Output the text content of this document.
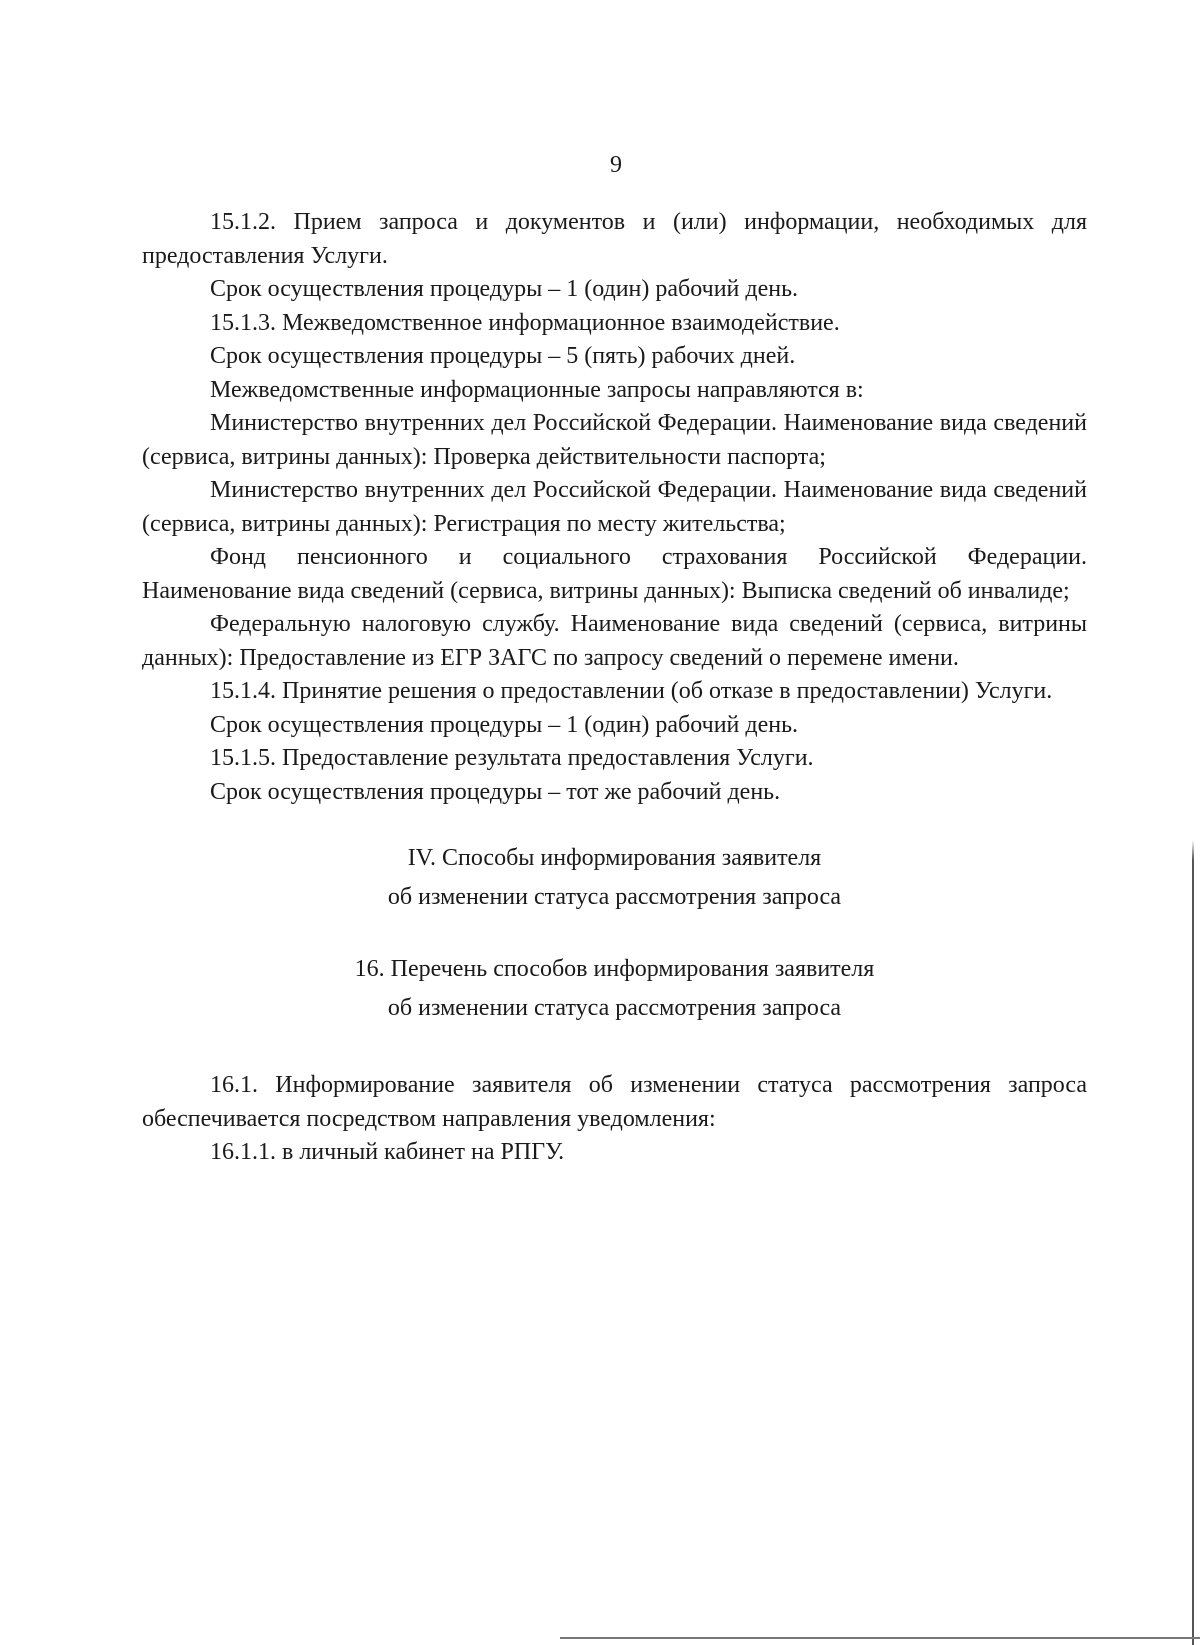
9

15.1.2. Прием запроса и документов и (или) информации, необходимых для предоставления Услуги.

Срок осуществления процедуры – 1 (один) рабочий день.

15.1.3. Межведомственное информационное взаимодействие.

Срок осуществления процедуры – 5 (пять) рабочих дней.

Межведомственные информационные запросы направляются в:

Министерство внутренних дел Российской Федерации. Наименование вида сведений (сервиса, витрины данных): Проверка действительности паспорта;

Министерство внутренних дел Российской Федерации. Наименование вида сведений (сервиса, витрины данных): Регистрация по месту жительства;

Фонд пенсионного и социального страхования Российской Федерации. Наименование вида сведений (сервиса, витрины данных): Выписка сведений об инвалиде;

Федеральную налоговую службу. Наименование вида сведений (сервиса, витрины данных): Предоставление из ЕГР ЗАГС по запросу сведений о перемене имени.

15.1.4. Принятие решения о предоставлении (об отказе в предоставлении) Услуги.

Срок осуществления процедуры – 1 (один) рабочий день.

15.1.5. Предоставление результата предоставления Услуги.

Срок осуществления процедуры – тот же рабочий день.

IV. Способы информирования заявителя
об изменении статуса рассмотрения запроса
16. Перечень способов информирования заявителя
об изменении статуса рассмотрения запроса

16.1. Информирование заявителя об изменении статуса рассмотрения запроса обеспечивается посредством направления уведомления:

16.1.1. в личный кабинет на РПГУ.
